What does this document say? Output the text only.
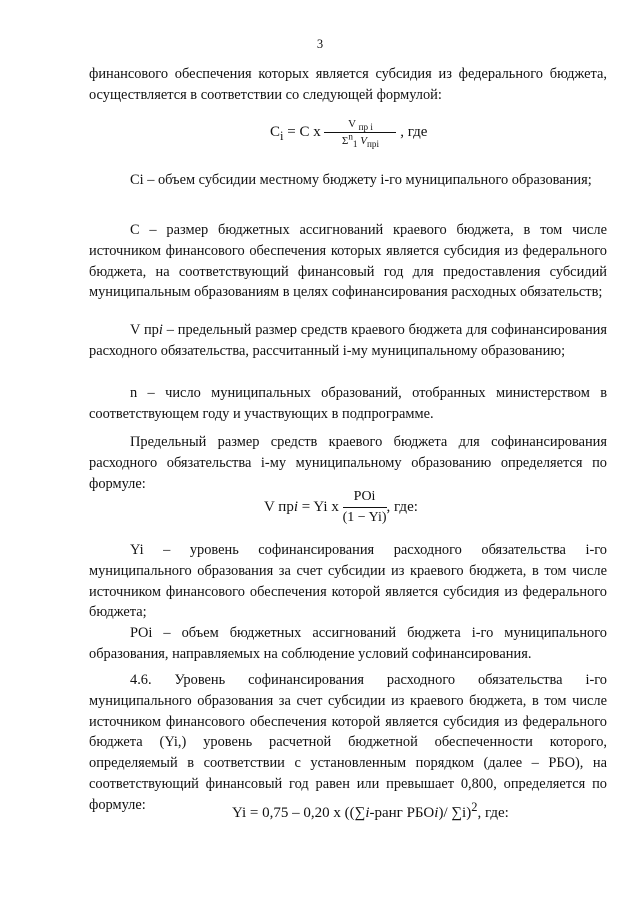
3

финансового обеспечения которых является субсидия из федерального бюджета, осуществляется в соответствии со следующей формулой:

$C_i = C$ x $\frac{V _{пр i}}{\Sigma^n_1 V_{прi}}$ , где

Ci – объем субсидии местному бюджету i-го муниципального образования;

С – размер бюджетных ассигнований краевого бюджета, в том числе источником финансового обеспечения которых является субсидия из федерального бюджета, на соответствующий финансовый год для предоставления субсидий муниципальным образованиям в целях софинансирования расходных обязательств;

V прi – предельный размер средств краевого бюджета для софинансирования расходного обязательства, рассчитанный i-му муниципальному образованию;

n – число муниципальных образований, отобранных министерством в соответствующем году и участвующих в подпрограмме.

Предельный размер средств краевого бюджета для софинансирования расходного обязательства i-му муниципальному образованию определяется по формуле:

V прi = Yi x $\frac{\text{POi}}{(1 - Yi)}$ , где:

Yi – уровень софинансирования расходного обязательства i-го муниципального образования за счет субсидии из краевого бюджета, в том числе источником финансового обеспечения которой является субсидия из федерального бюджета;

POi – объем бюджетных ассигнований бюджета i-го муниципального образования, направляемых на соблюдение условий софинансирования.

4.6. Уровень софинансирования расходного обязательства i-го муниципального образования за счет субсидии из краевого бюджета, в том числе источником финансового обеспечения которой является субсидия из федерального бюджета (Yi,) уровень расчетной бюджетной обеспеченности которого, определяемый в соответствии с установленным порядком (далее – РБО), на соответствующий финансовый год равен или превышает 0,800, определяется по формуле:

Yi = 0,75 – 0,20 x ((∑i-ранг РБОi)/ ∑i)$^2$, где:
